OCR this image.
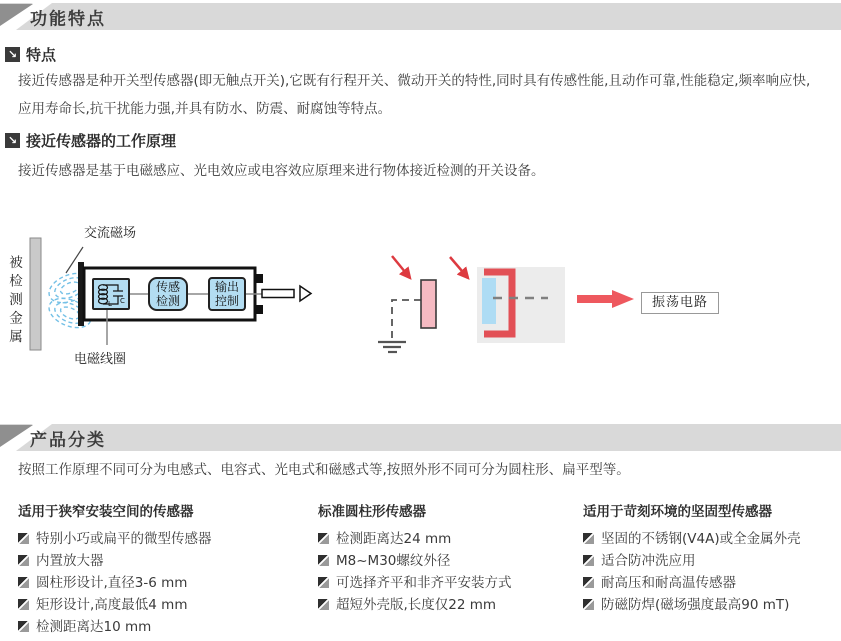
功能特点
↘ 特点
接近传感器是种开关型传感器(即无触点开关),它既有行程开关、微动开关的特性,同时具有传感性能,且动作可靠,性能稳定,频率响应快,
应用寿命长,抗干扰能力强,并具有防水、防震、耐腐蚀等特点。
↘ 接近传感器的工作原理
接近传感器是基于电磁感应、光电效应或电容效应原理来进行物体接近检测的开关设备。
被检测金属
交流磁场
电磁线圈
L C
传感
检测
输出
控制	振荡电路
产品分类
按照工作原理不同可分为电感式、电容式、光电式和磁感式等,按照外形不同可分为圆柱形、扁平型等。
适用于狭窄安装空间的传感器
特别小巧或扁平的微型传感器
内置放大器
圆柱形设计,直径3-6 mm
矩形设计,高度最低4 mm
检测距离达10 mm
标准圆柱形传感器
检测距离达24 mm
M8~M30螺纹外径
可选择齐平和非齐平安装方式
超短外壳版,长度仅22 mm
适用于苛刻环境的坚固型传感器
坚固的不锈钢(V4A)或全金属外壳
适合防冲洗应用
耐高压和耐高温传感器
防磁防焊(磁场强度最高90 mT)
